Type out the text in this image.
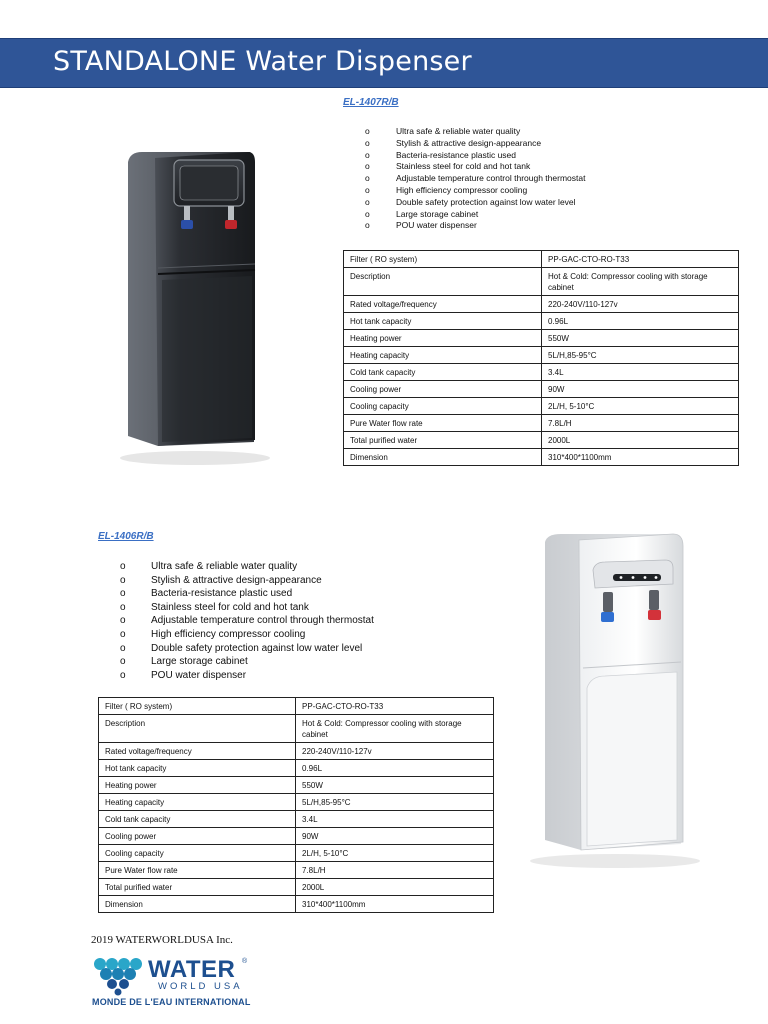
STANDALONE Water Dispenser
EL-1407R/B
o Ultra safe & reliable water quality
o Stylish & attractive design-appearance
o Bacteria-resistance plastic used
o Stainless steel for cold and hot tank
o Adjustable temperature control through thermostat
o High efficiency compressor cooling
o Double safety protection against low water level
o Large storage cabinet
o POU water dispenser
Filter ( RO system)	PP-GAC-CTO-RO-T33
Description	Hot & Cold: Compressor cooling with storage cabinet
Rated voltage/frequency	220-240V/110-127v
Hot tank capacity	0.96L
Heating power	550W
Heating capacity	5L/H,85-95°C
Cold tank capacity	3.4L
Cooling power	90W
Cooling capacity	2L/H, 5-10°C
Pure Water flow rate	7.8L/H
Total purified water	2000L
Dimension	310*400*1100mm
EL-1406R/B
o Ultra safe & reliable water quality
o Stylish & attractive design-appearance
o Bacteria-resistance plastic used
o Stainless steel for cold and hot tank
o Adjustable temperature control through thermostat
o High efficiency compressor cooling
o Double safety protection against low water level
o Large storage cabinet
o POU water dispenser
Filter ( RO system)	PP-GAC-CTO-RO-T33
Description	Hot & Cold: Compressor cooling with storage cabinet
Rated voltage/frequency	220-240V/110-127v
Hot tank capacity	0.96L
Heating power	550W
Heating capacity	5L/H,85-95°C
Cold tank capacity	3.4L
Cooling power	90W
Cooling capacity	2L/H, 5-10°C
Pure Water flow rate	7.8L/H
Total purified water	2000L
Dimension	310*400*1100mm
2019 WATERWORLDUSA Inc.
WATER ®
WORLD USA
MONDE DE L'EAU INTERNATIONAL
